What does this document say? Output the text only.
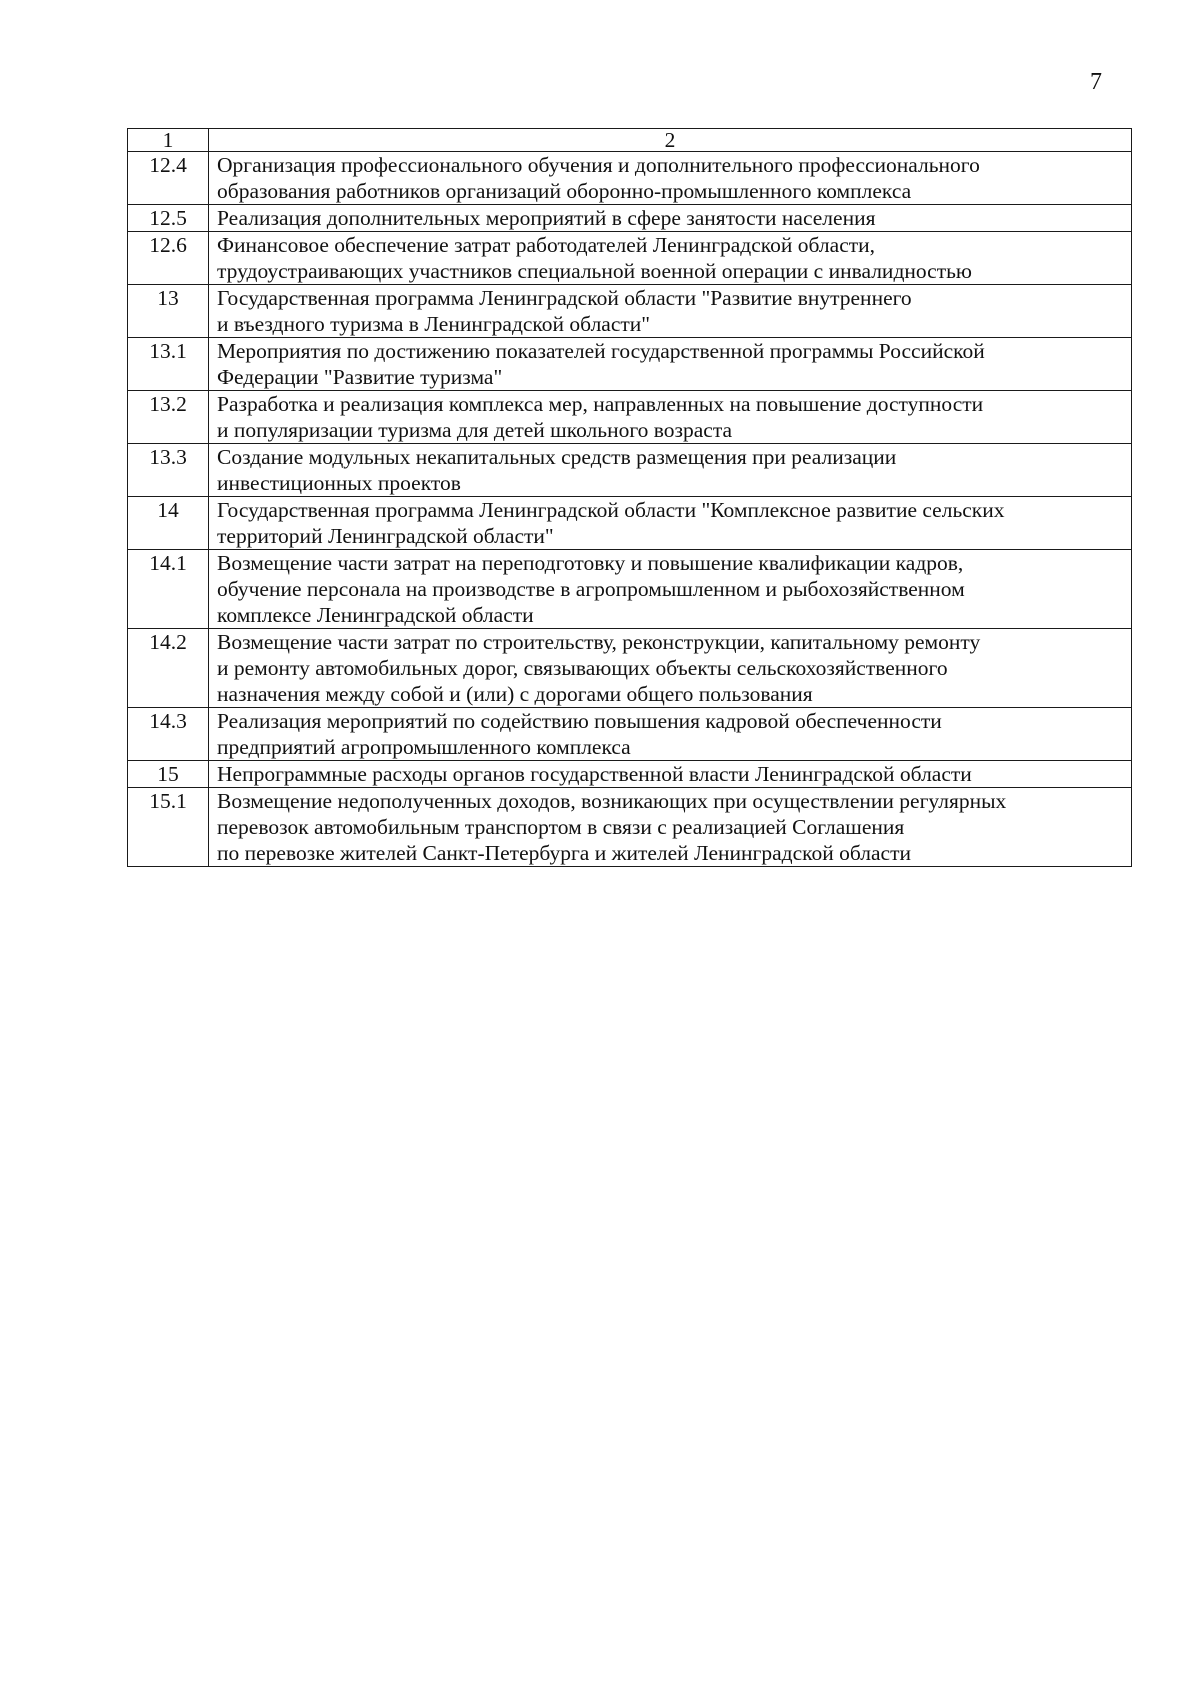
7
1	2
12.4	Организация профессионального обучения и дополнительного профессионального
образования работников организаций оборонно-промышленного комплекса
12.5	Реализация дополнительных мероприятий в сфере занятости населения
12.6	Финансовое обеспечение затрат работодателей Ленинградской области,
трудоустраивающих участников специальной военной операции с инвалидностью
13	Государственная программа Ленинградской области "Развитие внутреннего
и въездного туризма в Ленинградской области"
13.1	Мероприятия по достижению показателей государственной программы Российской
Федерации "Развитие туризма"
13.2	Разработка и реализация комплекса мер, направленных на повышение доступности
и популяризации туризма для детей школьного возраста
13.3	Создание модульных некапитальных средств размещения при реализации
инвестиционных проектов
14	Государственная программа Ленинградской области "Комплексное развитие сельских
территорий Ленинградской области"
14.1	Возмещение части затрат на переподготовку и повышение квалификации кадров,
обучение персонала на производстве в агропромышленном и рыбохозяйственном
комплексе Ленинградской области
14.2	Возмещение части затрат по строительству, реконструкции, капитальному ремонту
и ремонту автомобильных дорог, связывающих объекты сельскохозяйственного
назначения между собой и (или) с дорогами общего пользования
14.3	Реализация мероприятий по содействию повышения кадровой обеспеченности
предприятий агропромышленного комплекса
15	Непрограммные расходы органов государственной власти Ленинградской области
15.1	Возмещение недополученных доходов, возникающих при осуществлении регулярных
перевозок автомобильным транспортом в связи с реализацией Соглашения
по перевозке жителей Санкт-Петербурга и жителей Ленинградской области
